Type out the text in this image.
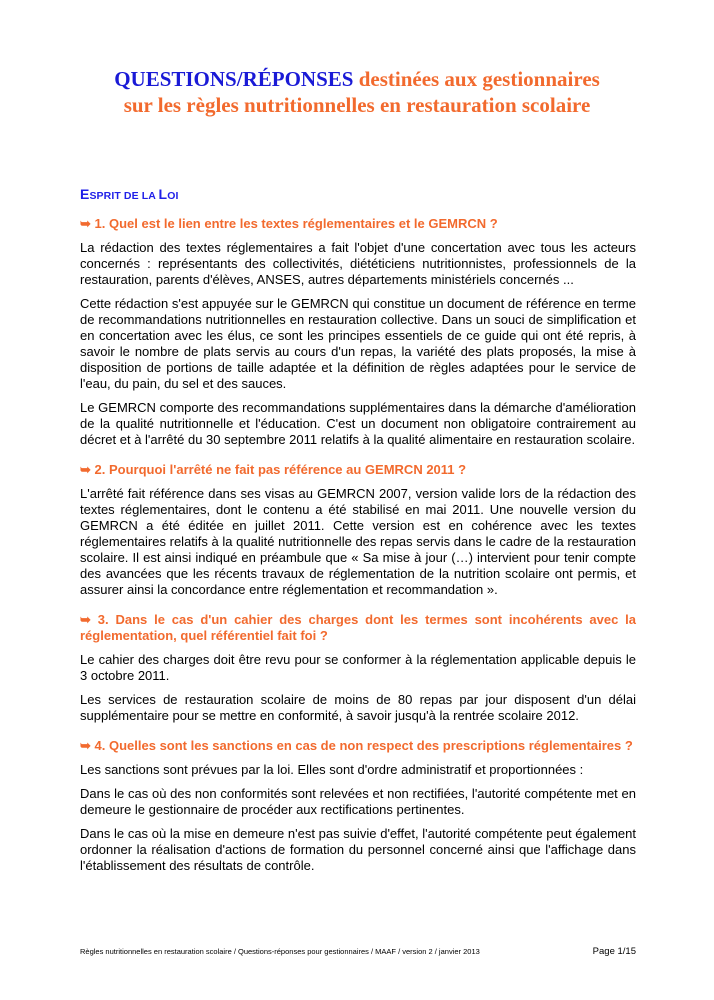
QUESTIONS/RÉPONSES destinées aux gestionnaires
sur les règles nutritionnelles en restauration scolaire
ESPRIT DE LA LOI
➥ 1. Quel est le lien entre les textes réglementaires et le GEMRCN ?
La rédaction des textes réglementaires a fait l'objet d'une concertation avec tous les acteurs concernés : représentants des collectivités, diététiciens nutritionnistes, professionnels de la restauration, parents d'élèves, ANSES, autres départements ministériels concernés ...
Cette rédaction s'est appuyée sur le GEMRCN qui constitue un document de référence en terme de recommandations nutritionnelles en restauration collective. Dans un souci de simplification et en concertation avec les élus, ce sont les principes essentiels de ce guide qui ont été repris, à savoir le nombre de plats servis au cours d'un repas, la variété des plats proposés, la mise à disposition de portions de taille adaptée et la définition de règles adaptées pour le service de l'eau, du pain, du sel et des sauces.
Le GEMRCN comporte des recommandations supplémentaires dans la démarche d'amélioration de la qualité nutritionnelle et l'éducation. C'est un document non obligatoire contrairement au décret et à l'arrêté du 30 septembre 2011 relatifs à la qualité alimentaire en restauration scolaire.
➥ 2. Pourquoi l'arrêté ne fait pas référence au GEMRCN 2011 ?
L'arrêté fait référence dans ses visas au GEMRCN 2007, version valide lors de la rédaction des textes réglementaires, dont le contenu a été stabilisé en mai 2011. Une nouvelle version du GEMRCN a été éditée en juillet 2011. Cette version est en cohérence avec les textes réglementaires relatifs à la qualité nutritionnelle des repas servis dans le cadre de la restauration scolaire. Il est ainsi indiqué en préambule que « Sa mise à jour (…) intervient pour tenir compte des avancées que les récents travaux de réglementation de la nutrition scolaire ont permis, et assurer ainsi la concordance entre réglementation et recommandation ».
➥ 3. Dans le cas d'un cahier des charges dont les termes sont incohérents avec la réglementation, quel référentiel fait foi ?
Le cahier des charges doit être revu pour se conformer à la réglementation applicable depuis le 3 octobre 2011.
Les services de restauration scolaire de moins de 80 repas par jour disposent d'un délai supplémentaire pour se mettre en conformité, à savoir jusqu'à la rentrée scolaire 2012.
➥ 4. Quelles sont les sanctions en cas de non respect des prescriptions réglementaires ?
Les sanctions sont prévues par la loi. Elles sont d'ordre administratif et proportionnées :
Dans le cas où des non conformités sont relevées et non rectifiées, l'autorité compétente met en demeure le gestionnaire de procéder aux rectifications pertinentes.
Dans le cas où la mise en demeure n'est pas suivie d'effet, l'autorité compétente peut également ordonner la réalisation d'actions de formation du personnel concerné ainsi que l'affichage dans l'établissement des résultats de contrôle.
Règles nutritionnelles en restauration scolaire / Questions-réponses pour gestionnaires / MAAF / version 2 / janvier 2013	Page 1/15
